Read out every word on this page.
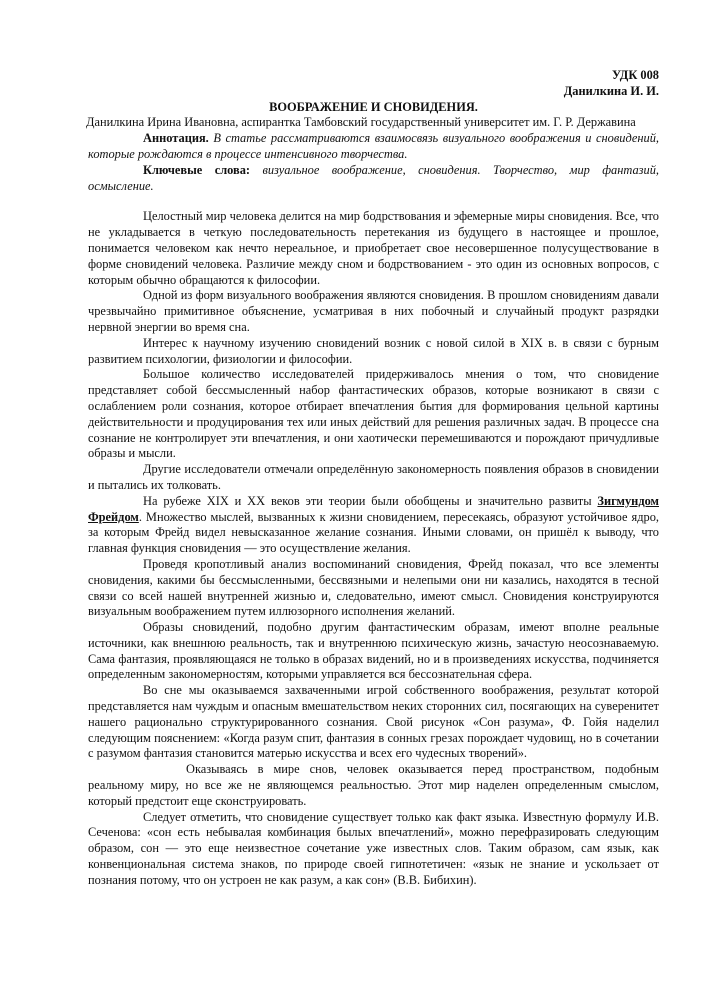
УДК 008

Данилкина И. И.

ВООБРАЖЕНИЕ И СНОВИДЕНИЯ.

Данилкина Ирина Ивановна, аспирантка Тамбовский государственный университет им. Г. Р. Державина

Аннотация. В статье рассматриваются взаимосвязь визуального воображения и сновидений, которые рождаются в процессе интенсивного творчества.

Ключевые слова: визуальное воображение, сновидения. Творчество, мир фантазий, осмысление.

Целостный мир человека делится на мир бодрствования и эфемерные миры сновидения. Все, что не укладывается в четкую последовательность перетекания из будущего в настоящее и прошлое, понимается человеком как нечто нереальное, и приобретает свое несовершенное полусуществование в форме сновидений человека. Различие между сном и бодрствованием - это один из основных вопросов, с которым обычно обращаются к философии.

Одной из форм визуального воображения являются сновидения. В прошлом сновидениям давали чрезвычайно примитивное объяснение, усматривая в них побочный и случайный продукт разрядки нервной энергии во время сна.

Интерес к научному изучению сновидений возник с новой силой в XIX в. в связи с бурным развитием психологии, физиологии и философии.

Большое количество исследователей придерживалось мнения о том, что сновидение представляет собой бессмысленный набор фантастических образов, которые возникают в связи с ослаблением роли сознания, которое отбирает впечатления бытия для формирования цельной картины действительности и продуцирования тех или иных действий для решения различных задач. В процессе сна сознание не контролирует эти впечатления, и они хаотически перемешиваются и порождают причудливые образы и мысли.

Другие исследователи отмечали определённую закономерность появления образов в сновидении и пытались их толковать.

На рубеже XIX и XX веков эти теории были обобщены и значительно развиты Зигмундом Фрейдом. Множество мыслей, вызванных к жизни сновидением, пересекаясь, образуют устойчивое ядро, за которым Фрейд видел невысказанное желание сознания. Иными словами, он пришёл к выводу, что главная функция сновидения — это осуществление желания.

Проведя кропотливый анализ воспоминаний сновидения, Фрейд показал, что все элементы сновидения, какими бы бессмысленными, бессвязными и нелепыми они ни казались, находятся в тесной связи со всей нашей внутренней жизнью и, следовательно, имеют смысл. Сновидения конструируются визуальным воображением путем иллюзорного исполнения желаний.

Образы сновидений, подобно другим фантастическим образам, имеют вполне реальные источники, как внешнюю реальность, так и внутреннюю психическую жизнь, зачастую неосознаваемую. Сама фантазия, проявляющаяся не только в образах видений, но и в произведениях искусства, подчиняется определенным закономерностям, которыми управляется вся бессознательная сфера.

Во сне мы оказываемся захваченными игрой собственного воображения, результат которой представляется нам чуждым и опасным вмешательством неких сторонних сил, посягающих на суверенитет нашего рационально структурированного сознания. Свой рисунок «Сон разума», Ф. Гойя наделил следующим пояснением: «Когда разум спит, фантазия в сонных грезах порождает чудовищ, но в сочетании с разумом фантазия становится матерью искусства и всех его чудесных творений».

Оказываясь в мире снов, человек оказывается перед пространством, подобным реальному миру, но все же не являющемся реальностью. Этот мир наделен определенным смыслом, который предстоит еще сконструировать.

Следует отметить, что сновидение существует только как факт языка. Известную формулу И.В. Сеченова: «сон есть небывалая комбинация былых впечатлений», можно перефразировать следующим образом, сон — это еще неизвестное сочетание уже известных слов. Таким образом, сам язык, как конвенциональная система знаков, по природе своей гипнотетичен: «язык не знание и ускользает от познания потому, что он устроен не как разум, а как сон» (В.В. Бибихин).
